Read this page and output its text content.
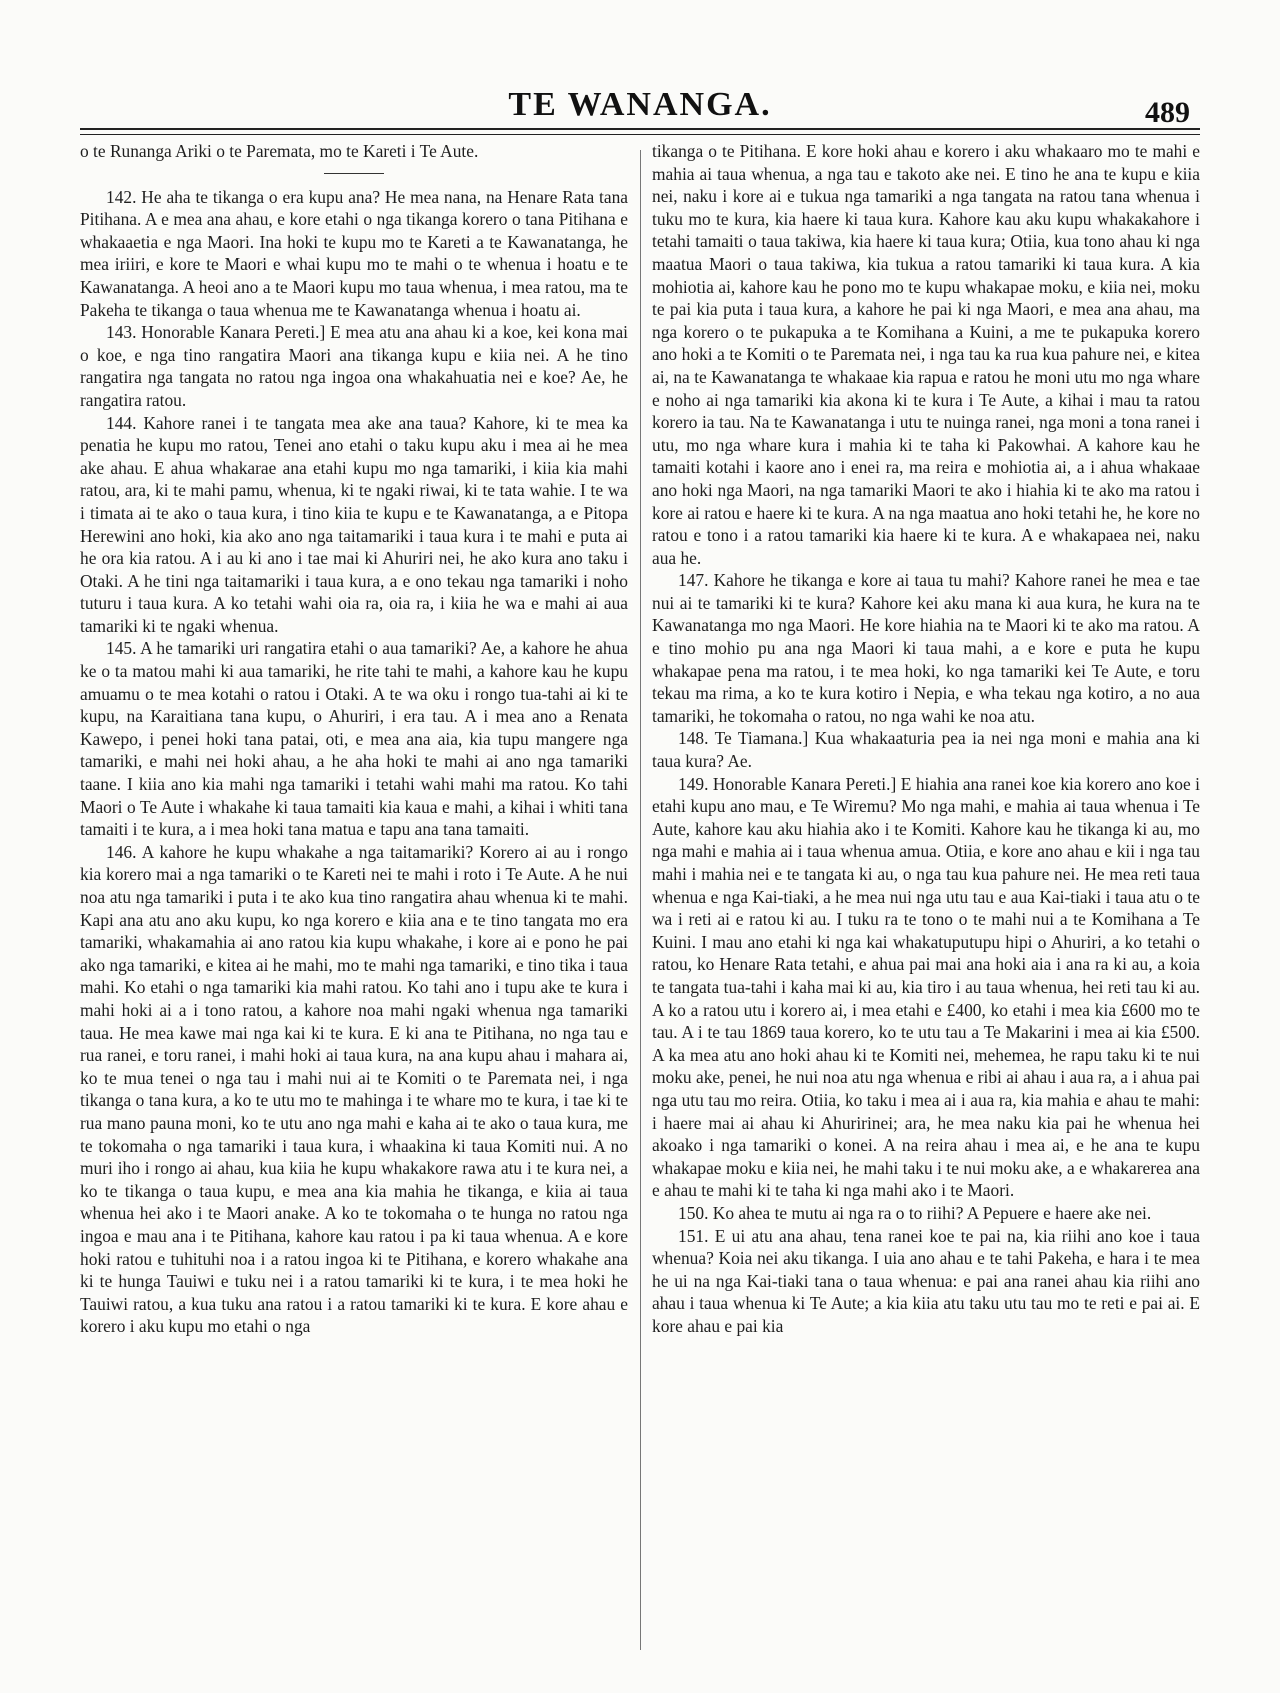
TE WANANGA.	489

o te Runanga Ariki o te Paremata, mo te Kareti i Te Aute.

142. He aha te tikanga o era kupu ana? He mea nana, na Henare Rata tana Pitihana. A e mea ana ahau, e kore etahi o nga tikanga korero o tana Pitihana e whakaaetia e nga Maori. Ina hoki te kupu mo te Kareti a te Kawanatanga, he mea iriiri, e kore te Maori e whai kupu mo te mahi o te whenua i hoatu e te Kawanatanga. A heoi ano a te Maori kupu mo taua whenua, i mea ratou, ma te Pakeha te tikanga o taua whenua me te Kawanatanga whenua i hoatu ai.

143. Honorable Kanara Pereti.] E mea atu ana ahau ki a koe, kei kona mai o koe, e nga tino rangatira Maori ana tikanga kupu e kiia nei. A he tino rangatira nga tangata no ratou nga ingoa ona whakahuatia nei e koe? Ae, he rangatira ratou.

144. Kahore ranei i te tangata mea ake ana taua? Kahore, ki te mea ka penatia he kupu mo ratou, Tenei ano etahi o taku kupu aku i mea ai he mea ake ahau. E ahua whakarae ana etahi kupu mo nga tamariki, i kiia kia mahi ratou, ara, ki te mahi pamu, whenua, ki te ngaki riwai, ki te tata wahie. I te wa i timata ai te ako o taua kura, i tino kiia te kupu e te Kawanatanga, a e Pitopa Herewini ano hoki, kia ako ano nga taitamariki i taua kura i te mahi e puta ai he ora kia ratou. A i au ki ano i tae mai ki Ahuriri nei, he ako kura ano taku i Otaki. A he tini nga taitamariki i taua kura, a e ono tekau nga tamariki i noho tuturu i taua kura. A ko tetahi wahi oia ra, oia ra, i kiia he wa e mahi ai aua tamariki ki te ngaki whenua.

145. A he tamariki uri rangatira etahi o aua tamariki? Ae, a kahore he ahua ke o ta matou mahi ki aua tamariki, he rite tahi te mahi, a kahore kau he kupu amuamu o te mea kotahi o ratou i Otaki. A te wa oku i rongo tua-tahi ai ki te kupu, na Karaitiana tana kupu, o Ahuriri, i era tau. A i mea ano a Renata Kawepo, i penei hoki tana patai, oti, e mea ana aia, kia tupu mangere nga tamariki, e mahi nei hoki ahau, a he aha hoki te mahi ai ano nga tamariki taane. I kiia ano kia mahi nga tamariki i tetahi wahi mahi ma ratou. Ko tahi Maori o Te Aute i whakahe ki taua tamaiti kia kaua e mahi, a kihai i whiti tana tamaiti i te kura, a i mea hoki tana matua e tapu ana tana tamaiti.

146. A kahore he kupu whakahe a nga taitamariki? Korero ai au i rongo kia korero mai a nga tamariki o te Kareti nei te mahi i roto i Te Aute. A he nui noa atu nga tamariki i puta i te ako kua tino rangatira ahau whenua ki te mahi. Kapi ana atu ano aku kupu, ko nga korero e kiia ana e te tino tangata mo era tamariki, whakamahia ai ano ratou kia kupu whakahe, i kore ai e pono he pai ako nga tamariki, e kitea ai he mahi, mo te mahi nga tamariki, e tino tika i taua mahi. Ko etahi o nga tamariki kia mahi ratou. Ko tahi ano i tupu ake te kura i mahi hoki ai a i tono ratou, a kahore noa mahi ngaki whenua nga tamariki taua. He mea kawe mai nga kai ki te kura. E ki ana te Pitihana, no nga tau e rua ranei, e toru ranei, i mahi hoki ai taua kura, na ana kupu ahau i mahara ai, ko te mua tenei o nga tau i mahi nui ai te Komiti o te Paremata nei, i nga tikanga o tana kura, a ko te utu mo te mahinga i te whare mo te kura, i tae ki te rua mano pauna moni, ko te utu ano nga mahi e kaha ai te ako o taua kura, me te tokomaha o nga tamariki i taua kura, i whaakina ki taua Komiti nui. A no muri iho i rongo ai ahau, kua kiia he kupu whakakore rawa atu i te kura nei, a ko te tikanga o taua kupu, e mea ana kia mahia he tikanga, e kiia ai taua whenua hei ako i te Maori anake. A ko te tokomaha o te hunga no ratou nga ingoa e mau ana i te Pitihana, kahore kau ratou i pa ki taua whenua. A e kore hoki ratou e tuhituhi noa i a ratou ingoa ki te Pitihana, e korero whakahe ana ki te hunga Tauiwi e tuku nei i a ratou tamariki ki te kura, i te mea hoki he Tauiwi ratou, a kua tuku ana ratou i a ratou tamariki ki te kura. E kore ahau e korero i aku kupu mo etahi o nga

tikanga o te Pitihana. E kore hoki ahau e korero i aku whakaaro mo te mahi e mahia ai taua whenua, a nga tau e takoto ake nei. E tino he ana te kupu e kiia nei, naku i kore ai e tukua nga tamariki a nga tangata na ratou tana whenua i tuku mo te kura, kia haere ki taua kura. Kahore kau aku kupu whakakahore i tetahi tamaiti o taua takiwa, kia haere ki taua kura; Otiia, kua tono ahau ki nga maatua Maori o taua takiwa, kia tukua a ratou tamariki ki taua kura. A kia mohiotia ai, kahore kau he pono mo te kupu whakapae moku, e kiia nei, moku te pai kia puta i taua kura, a kahore he pai ki nga Maori, e mea ana ahau, ma nga korero o te pukapuka a te Komihana a Kuini, a me te pukapuka korero ano hoki a te Komiti o te Paremata nei, i nga tau ka rua kua pahure nei, e kitea ai, na te Kawanatanga te whakaae kia rapua e ratou he moni utu mo nga whare e noho ai nga tamariki kia akona ki te kura i Te Aute, a kihai i mau ta ratou korero ia tau. Na te Kawanatanga i utu te nuinga ranei, nga moni a tona ranei i utu, mo nga whare kura i mahia ki te taha ki Pakowhai. A kahore kau he tamaiti kotahi i kaore ano i enei ra, ma reira e mohiotia ai, a i ahua whakaae ano hoki nga Maori, na nga tamariki Maori te ako i hiahia ki te ako ma ratou i kore ai ratou e haere ki te kura. A na nga maatua ano hoki tetahi he, he kore no ratou e tono i a ratou tamariki kia haere ki te kura. A e whakapaea nei, naku aua he.

147. Kahore he tikanga e kore ai taua tu mahi? Kahore ranei he mea e tae nui ai te tamariki ki te kura? Kahore kei aku mana ki aua kura, he kura na te Kawanatanga mo nga Maori. He kore hiahia na te Maori ki te ako ma ratou. A e tino mohio pu ana nga Maori ki taua mahi, a e kore e puta he kupu whakapae pena ma ratou, i te mea hoki, ko nga tamariki kei Te Aute, e toru tekau ma rima, a ko te kura kotiro i Nepia, e wha tekau nga kotiro, a no aua tamariki, he tokomaha o ratou, no nga wahi ke noa atu.

148. Te Tiamana.] Kua whakaaturia pea ia nei nga moni e mahia ana ki taua kura? Ae.

149. Honorable Kanara Pereti.] E hiahia ana ranei koe kia korero ano koe i etahi kupu ano mau, e Te Wiremu? Mo nga mahi, e mahia ai taua whenua i Te Aute, kahore kau aku hiahia ako i te Komiti. Kahore kau he tikanga ki au, mo nga mahi e mahia ai i taua whenua amua. Otiia, e kore ano ahau e kii i nga tau mahi i mahia nei e te tangata ki au, o nga tau kua pahure nei. He mea reti taua whenua e nga Kai-tiaki, a he mea nui nga utu tau e aua Kai-tiaki i taua atu o te wa i reti ai e ratou ki au. I tuku ra te tono o te mahi nui a te Komihana a Te Kuini. I mau ano etahi ki nga kai whakatuputupu hipi o Ahuriri, a ko tetahi o ratou, ko Henare Rata tetahi, e ahua pai mai ana hoki aia i ana ra ki au, a koia te tangata tua-tahi i kaha mai ki au, kia tiro i au taua whenua, hei reti tau ki au. A ko a ratou utu i korero ai, i mea etahi e £400, ko etahi i mea kia £600 mo te tau. A i te tau 1869 taua korero, ko te utu tau a Te Makarini i mea ai kia £500. A ka mea atu ano hoki ahau ki te Komiti nei, mehemea, he rapu taku ki te nui moku ake, penei, he nui noa atu nga whenua e ribi ai ahau i aua ra, a i ahua pai nga utu tau mo reira. Otiia, ko taku i mea ai i aua ra, kia mahia e ahau te mahi: i haere mai ai ahau ki Ahuririnei; ara, he mea naku kia pai he whenua hei akoako i nga tamariki o konei. A na reira ahau i mea ai, e he ana te kupu whakapae moku e kiia nei, he mahi taku i te nui moku ake, a e whakarerea ana e ahau te mahi ki te taha ki nga mahi ako i te Maori.

150. Ko ahea te mutu ai nga ra o to riihi? A Pepuere e haere ake nei.

151. E ui atu ana ahau, tena ranei koe te pai na, kia riihi ano koe i taua whenua? Koia nei aku tikanga. I uia ano ahau e te tahi Pakeha, e hara i te mea he ui na nga Kai-tiaki tana o taua whenua: e pai ana ranei ahau kia riihi ano ahau i taua whenua ki Te Aute; a kia kiia atu taku utu tau mo te reti e pai ai. E kore ahau e pai kia
